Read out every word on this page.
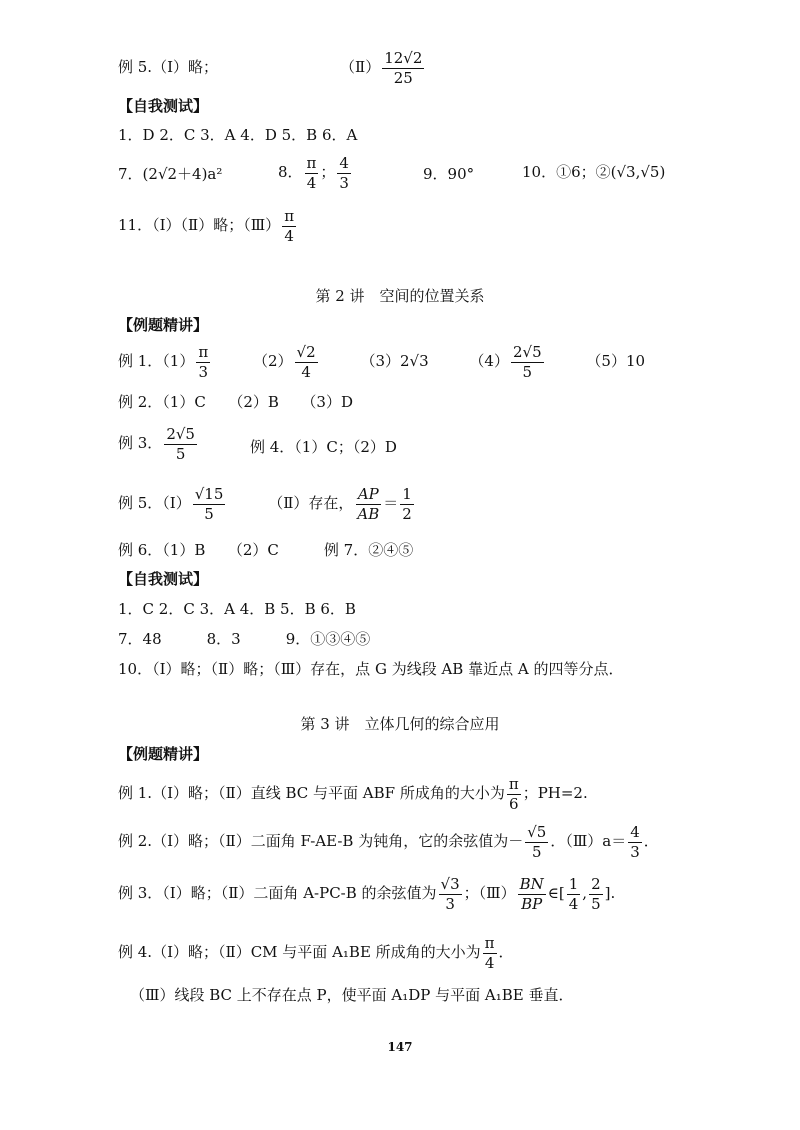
例 5.（Ⅰ）略；	（Ⅱ） $\frac{12√2}{25}$
【自我测试】
1．D 2．C 3．A 4．D 5．B 6．A
7．(2√2＋4)a²	8． $\frac{\pi}{4}$ ； $\frac{4}{3}$	9．90°	10．①6；②(√3,√5)
11．（Ⅰ）（Ⅱ）略；（Ⅲ） $\frac{\pi}{4}$
第 2 讲　空间的位置关系
【例题精讲】
例 1．$(1) \frac{\pi}{3}$	$(2) \frac{√2}{4}$	（3）2√3	$(4) \frac{2√5}{5}$	（5）10
例 2．（1）C　　（2）B　　（3）D
例 3． $\frac{2√5}{5}$	例 4．（1）C；（2）D
例 5．（Ⅰ） $\frac{√15}{5}$	（Ⅱ）存在， $\frac{AP}{AB} = \frac{1}{2}$
例 6．（1）B　　（2）C　　　例 7．②④⑤
【自我测试】
1．C 2．C 3．A 4．B 5．B 6．B
7．48　　　8．3　　　9．①③④⑤
10．（Ⅰ）略；（Ⅱ）略；（Ⅲ）存在，点 G 为线段 AB 靠近点 A 的四等分点．
第 3 讲　立体几何的综合应用
【例题精讲】
例 1.（Ⅰ）略；（Ⅱ）直线 BC 与平面 ABF 所成角的大小为 $\frac{\pi}{6}$ ；PH=2.
例 2.（Ⅰ）略；（Ⅱ）二面角 F-AE-B 为钝角，它的余弦值为－ $\frac{√5}{5}$ ．（Ⅲ）a＝ $\frac{4}{3}$ ．
例 3．（Ⅰ）略；（Ⅱ）二面角 A-PC-B 的余弦值为 $\frac{√3}{3}$ ；（Ⅲ） $\frac{BN}{BP}$ ∈[ $\frac{1}{4}$ , $\frac{2}{5}$ ].
例 4.（Ⅰ）略；（Ⅱ）CM 与平面 A₁BE 所成角的大小为 $\frac{\pi}{4}$ ．
（Ⅲ）线段 BC 上不存在点 P，使平面 A₁DP 与平面 A₁BE 垂直．
147
